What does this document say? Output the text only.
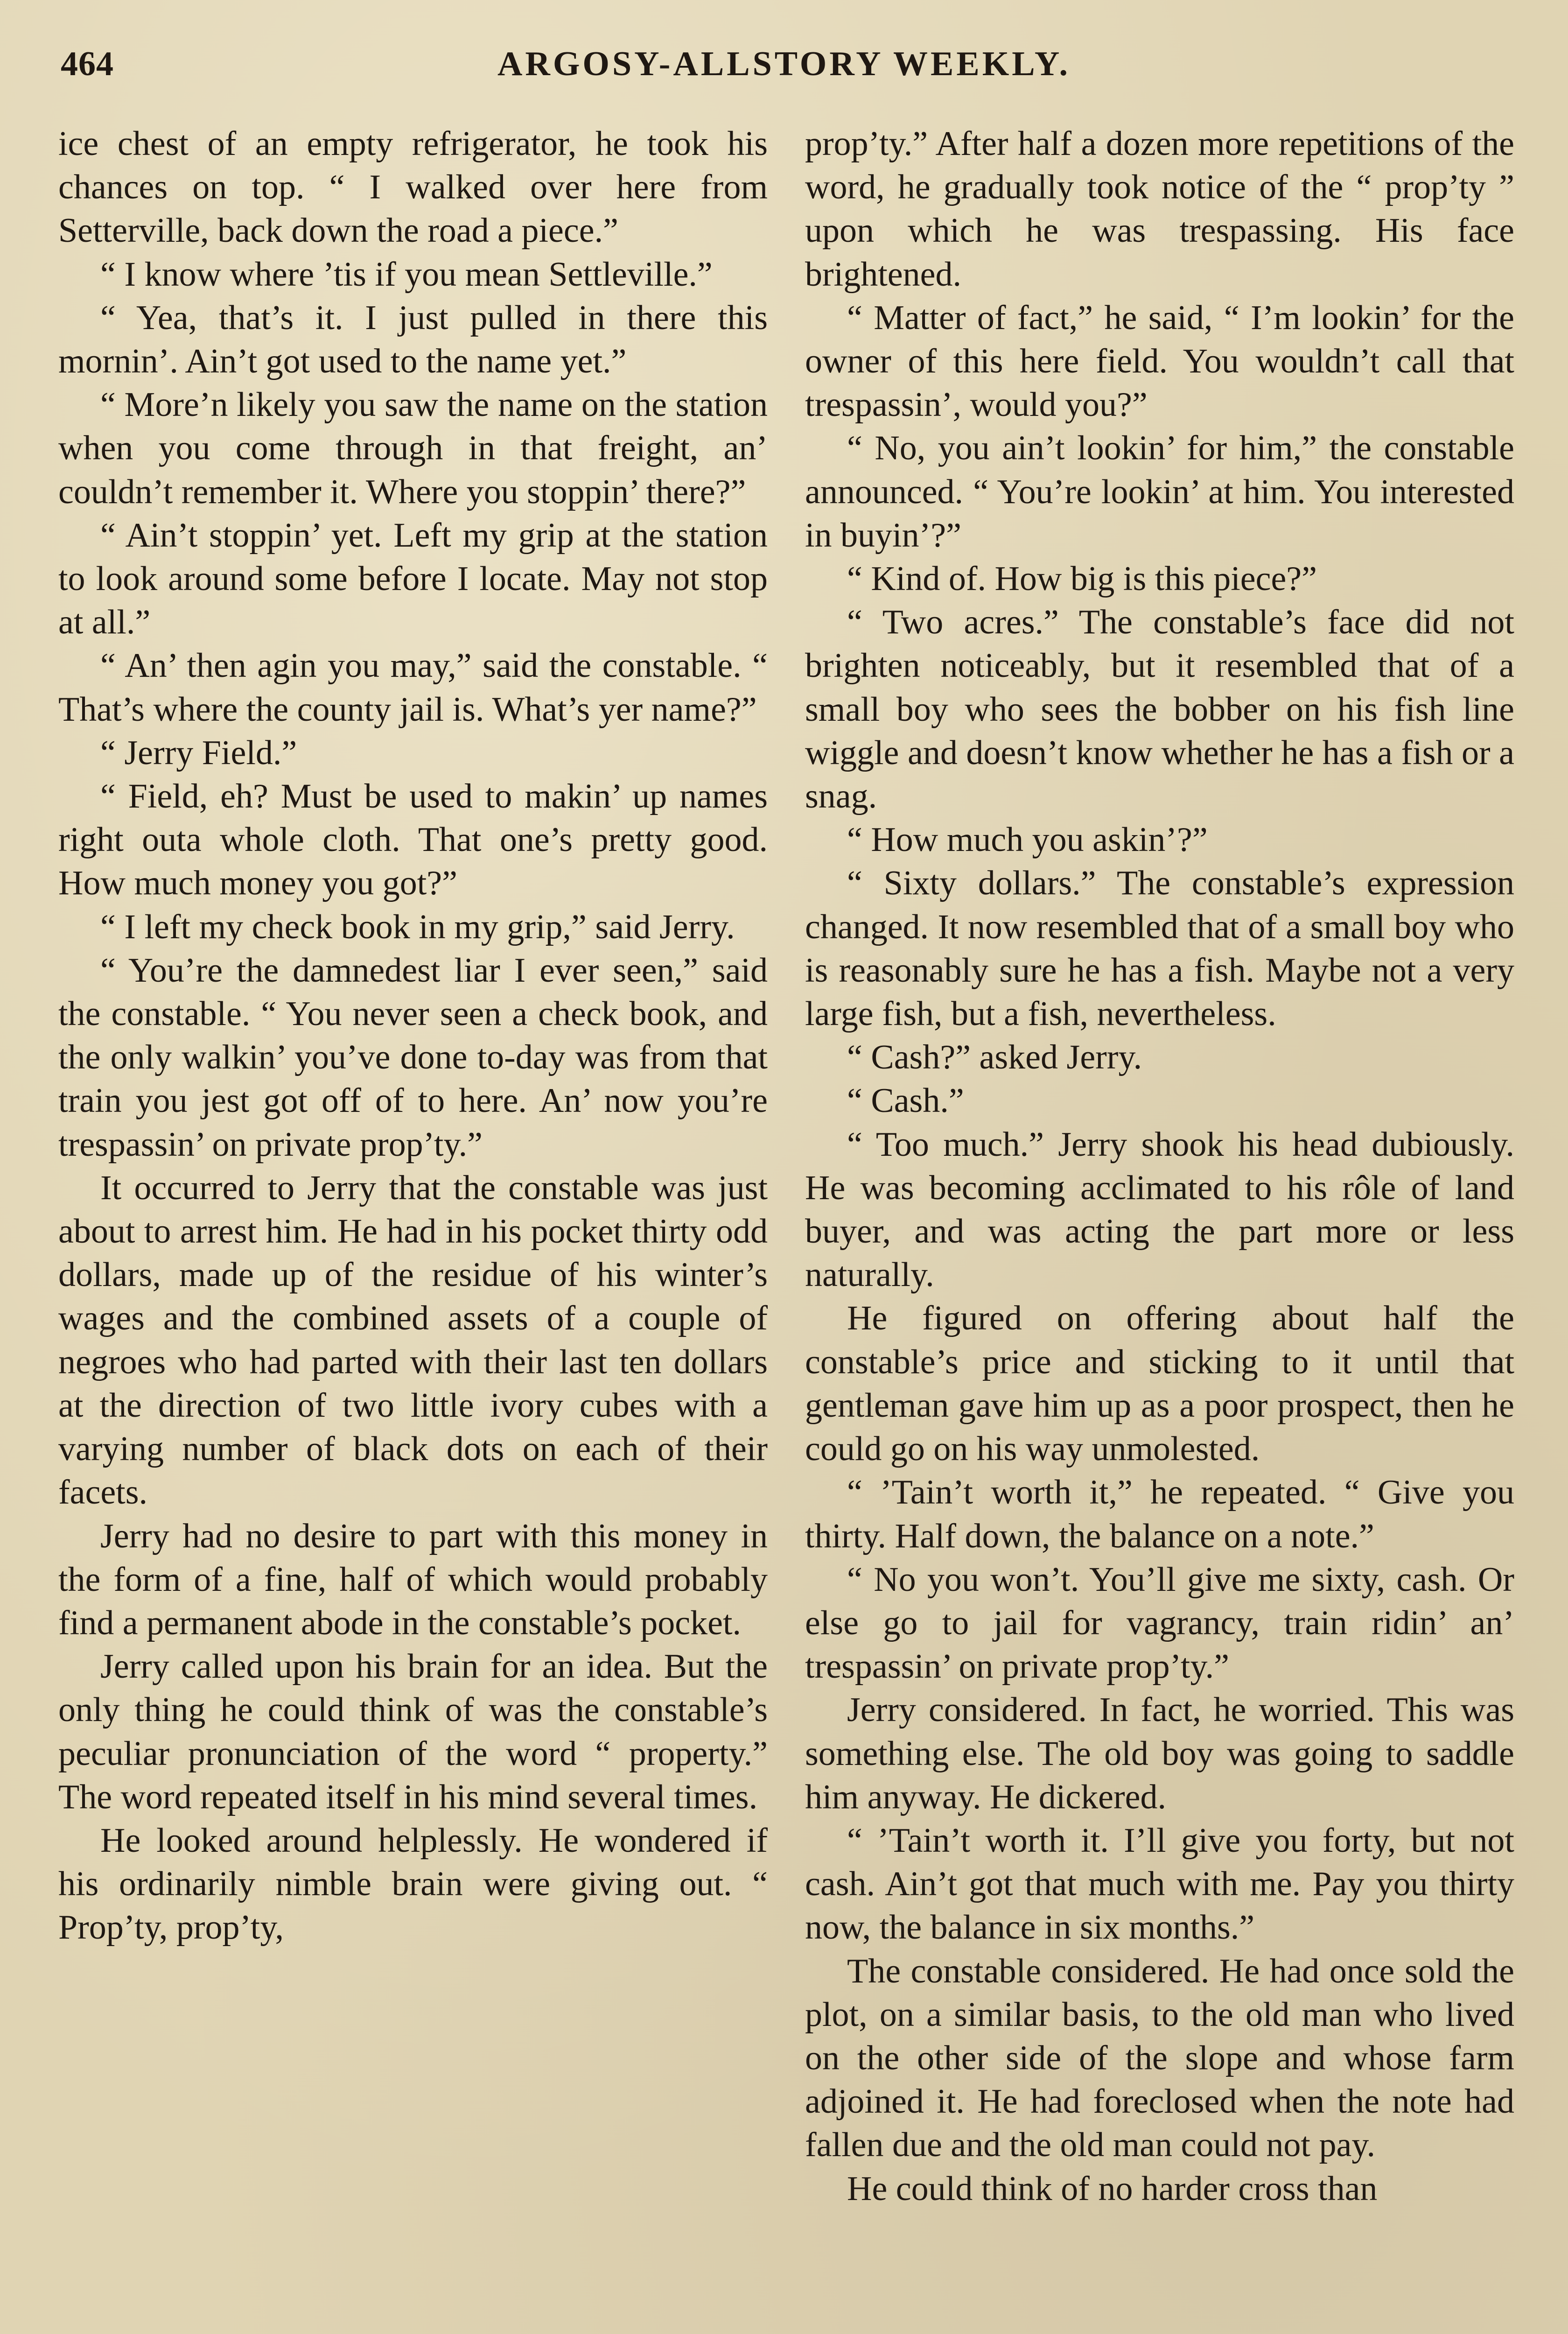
464	ARGOSY-ALLSTORY WEEKLY.

ice chest of an empty refrigerator, he took his chances on top. “ I walked over here from Setterville, back down the road a piece.”

“ I know where ’tis if you mean Settleville.”

“ Yea, that’s it. I just pulled in there this mornin’. Ain’t got used to the name yet.”

“ More’n likely you saw the name on the station when you come through in that freight, an’ couldn’t remember it. Where you stoppin’ there?”

“ Ain’t stoppin’ yet. Left my grip at the station to look around some before I locate. May not stop at all.”

“ An’ then agin you may,” said the constable. “ That’s where the county jail is. What’s yer name?”

“ Jerry Field.”

“ Field, eh? Must be used to makin’ up names right outa whole cloth. That one’s pretty good. How much money you got?”

“ I left my check book in my grip,” said Jerry.

“ You’re the damnedest liar I ever seen,” said the constable. “ You never seen a check book, and the only walkin’ you’ve done to-day was from that train you jest got off of to here. An’ now you’re trespassin’ on private prop’ty.”

It occurred to Jerry that the constable was just about to arrest him. He had in his pocket thirty odd dollars, made up of the residue of his winter’s wages and the combined assets of a couple of negroes who had parted with their last ten dollars at the direction of two little ivory cubes with a varying number of black dots on each of their facets.

Jerry had no desire to part with this money in the form of a fine, half of which would probably find a permanent abode in the constable’s pocket.

Jerry called upon his brain for an idea. But the only thing he could think of was the constable’s peculiar pronunciation of the word “ property.” The word repeated itself in his mind several times.

He looked around helplessly. He wondered if his ordinarily nimble brain were giving out. “ Prop’ty, prop’ty,

prop’ty.” After half a dozen more repetitions of the word, he gradually took notice of the “ prop’ty ” upon which he was trespassing. His face brightened.

“ Matter of fact,” he said, “ I’m lookin’ for the owner of this here field. You wouldn’t call that trespassin’, would you?”

“ No, you ain’t lookin’ for him,” the constable announced. “ You’re lookin’ at him. You interested in buyin’?”

“ Kind of. How big is this piece?”

“ Two acres.” The constable’s face did not brighten noticeably, but it resembled that of a small boy who sees the bobber on his fish line wiggle and doesn’t know whether he has a fish or a snag.

“ How much you askin’?”

“ Sixty dollars.” The constable’s expression changed. It now resembled that of a small boy who is reasonably sure he has a fish. Maybe not a very large fish, but a fish, nevertheless.

“ Cash?” asked Jerry.

“ Cash.”

“ Too much.” Jerry shook his head dubiously. He was becoming acclimated to his rôle of land buyer, and was acting the part more or less naturally.

He figured on offering about half the constable’s price and sticking to it until that gentleman gave him up as a poor prospect, then he could go on his way unmolested.

“ ’Tain’t worth it,” he repeated. “ Give you thirty. Half down, the balance on a note.”

“ No you won’t. You’ll give me sixty, cash. Or else go to jail for vagrancy, train ridin’ an’ trespassin’ on private prop’ty.”

Jerry considered. In fact, he worried. This was something else. The old boy was going to saddle him anyway. He dickered.

“ ’Tain’t worth it. I’ll give you forty, but not cash. Ain’t got that much with me. Pay you thirty now, the balance in six months.”

The constable considered. He had once sold the plot, on a similar basis, to the old man who lived on the other side of the slope and whose farm adjoined it. He had foreclosed when the note had fallen due and the old man could not pay.

He could think of no harder cross than
